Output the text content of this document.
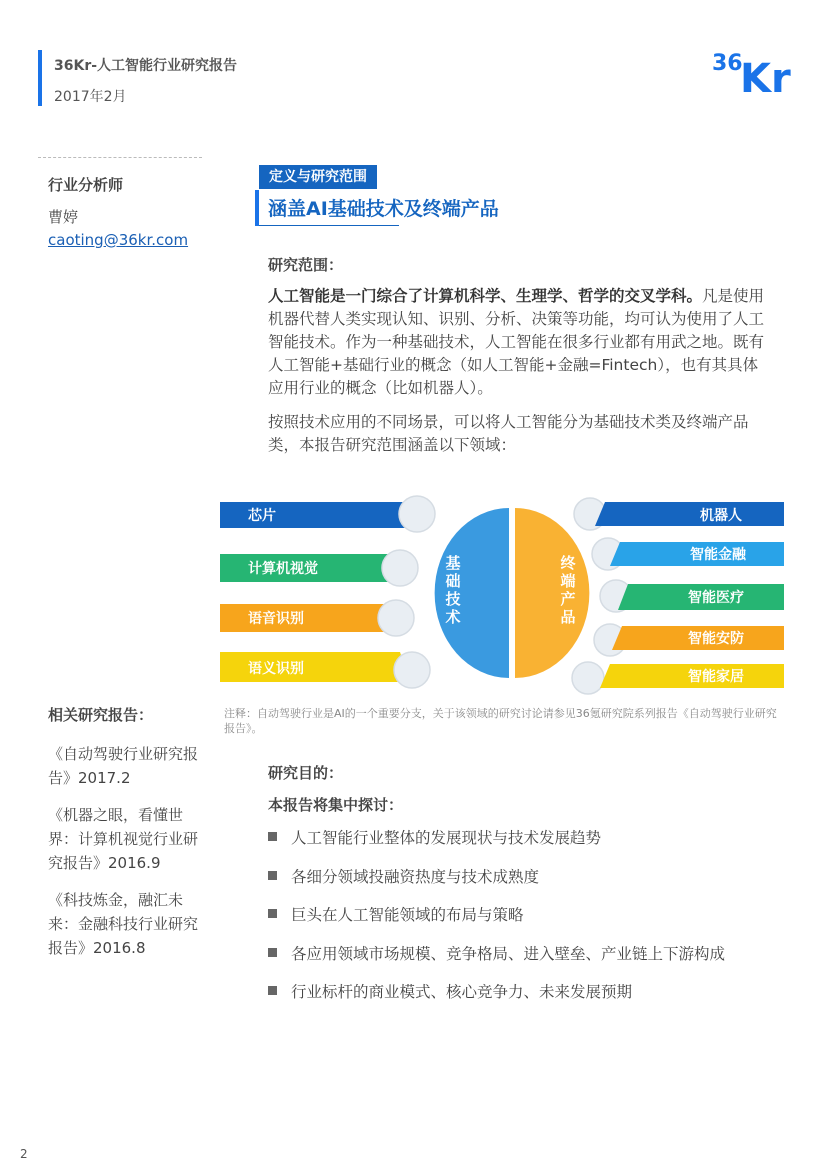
36Kr-人工智能行业研究报告
2017年2月
36
Kr
行业分析师
曹婷
caoting@36kr.com
相关研究报告：
《自动驾驶行业研究报告》2017.2
《机器之眼，看懂世界：计算机视觉行业研究报告》2016.9
《科技炼金，融汇未来：金融科技行业研究报告》2016.8
定义与研究范围
涵盖AI基础技术及终端产品
研究范围：
人工智能是一门综合了计算机科学、生理学、哲学的交叉学科。凡是使用机器代替人类实现认知、识别、分析、决策等功能，均可认为使用了人工智能技术。作为一种基础技术，人工智能在很多行业都有用武之地。既有人工智能+基础行业的概念（如人工智能+金融=Fintech），也有其具体应用行业的概念（比如机器人）。
按照技术应用的不同场景，可以将人工智能分为基础技术类及终端产品类，本报告研究范围涵盖以下领域：
芯片
计算机视觉
语音识别
语义识别
机器人
智能金融
智能医疗
智能安防
智能家居
基础技术
终端产品
注释：自动驾驶行业是AI的一个重要分支，关于该领域的研究讨论请参见36氪研究院系列报告《自动驾驶行业研究报告》。
研究目的：
本报告将集中探讨：
人工智能行业整体的发展现状与技术发展趋势
各细分领域投融资热度与技术成熟度
巨头在人工智能领域的布局与策略
各应用领域市场规模、竞争格局、进入壁垒、产业链上下游构成
行业标杆的商业模式、核心竞争力、未来发展预期
2
